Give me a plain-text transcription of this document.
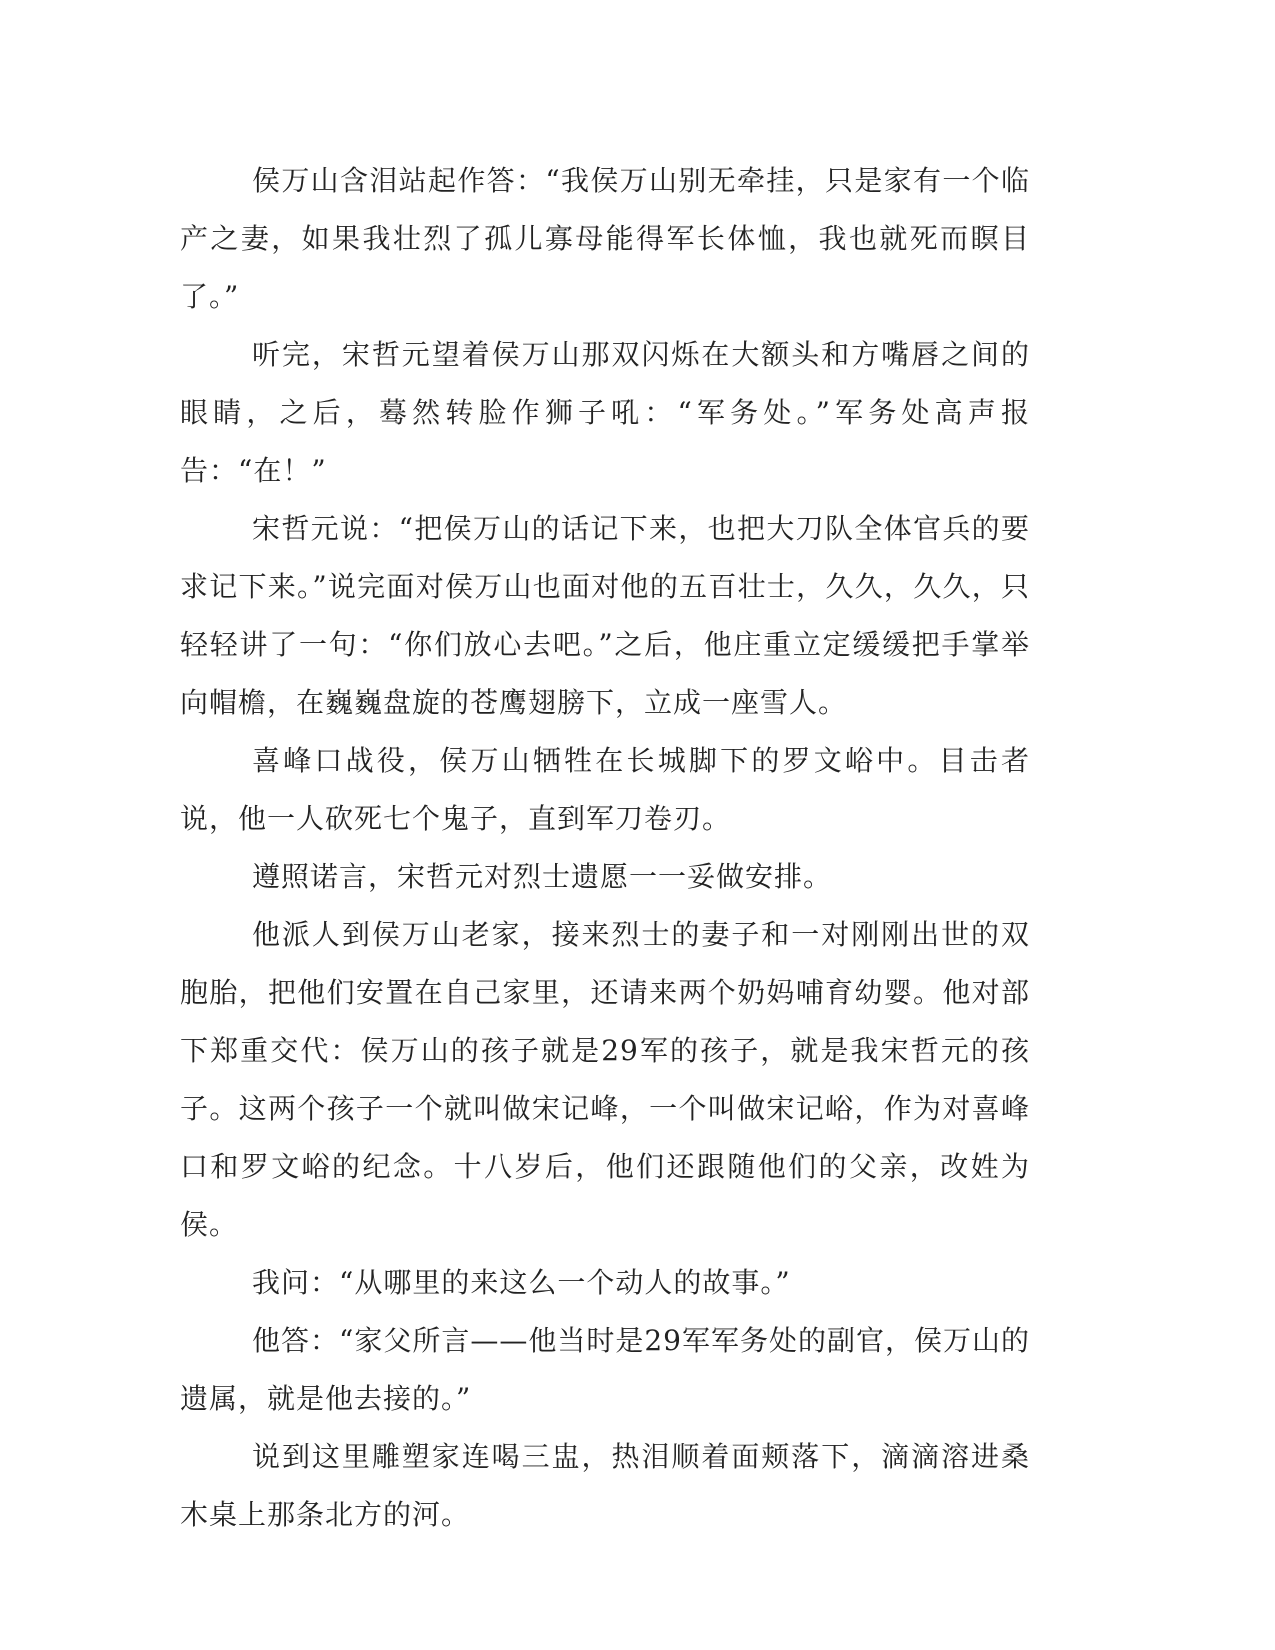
侯万山含泪站起作答：“我侯万山别无牵挂，只是家有一个临产之妻，如果我壮烈了孤儿寡母能得军长体恤，我也就死而瞑目了。”

听完，宋哲元望着侯万山那双闪烁在大额头和方嘴唇之间的眼睛，之后，蓦然转脸作狮子吼：“军务处。”军务处高声报告：“在！”

宋哲元说：“把侯万山的话记下来，也把大刀队全体官兵的要求记下来。”说完面对侯万山也面对他的五百壮士，久久，久久，只轻轻讲了一句：“你们放心去吧。”之后，他庄重立定缓缓把手掌举向帽檐，在巍巍盘旋的苍鹰翅膀下，立成一座雪人。

喜峰口战役，侯万山牺牲在长城脚下的罗文峪中。目击者说，他一人砍死七个鬼子，直到军刀卷刃。

遵照诺言，宋哲元对烈士遗愿一一妥做安排。

他派人到侯万山老家，接来烈士的妻子和一对刚刚出世的双胞胎，把他们安置在自己家里，还请来两个奶妈哺育幼婴。他对部下郑重交代：侯万山的孩子就是29军的孩子，就是我宋哲元的孩子。这两个孩子一个就叫做宋记峰，一个叫做宋记峪，作为对喜峰口和罗文峪的纪念。十八岁后，他们还跟随他们的父亲，改姓为侯。

我问：“从哪里的来这么一个动人的故事。”

他答：“家父所言——他当时是29军军务处的副官，侯万山的遗属，就是他去接的。”

说到这里雕塑家连喝三盅，热泪顺着面颊落下，滴滴溶进桑木桌上那条北方的河。
